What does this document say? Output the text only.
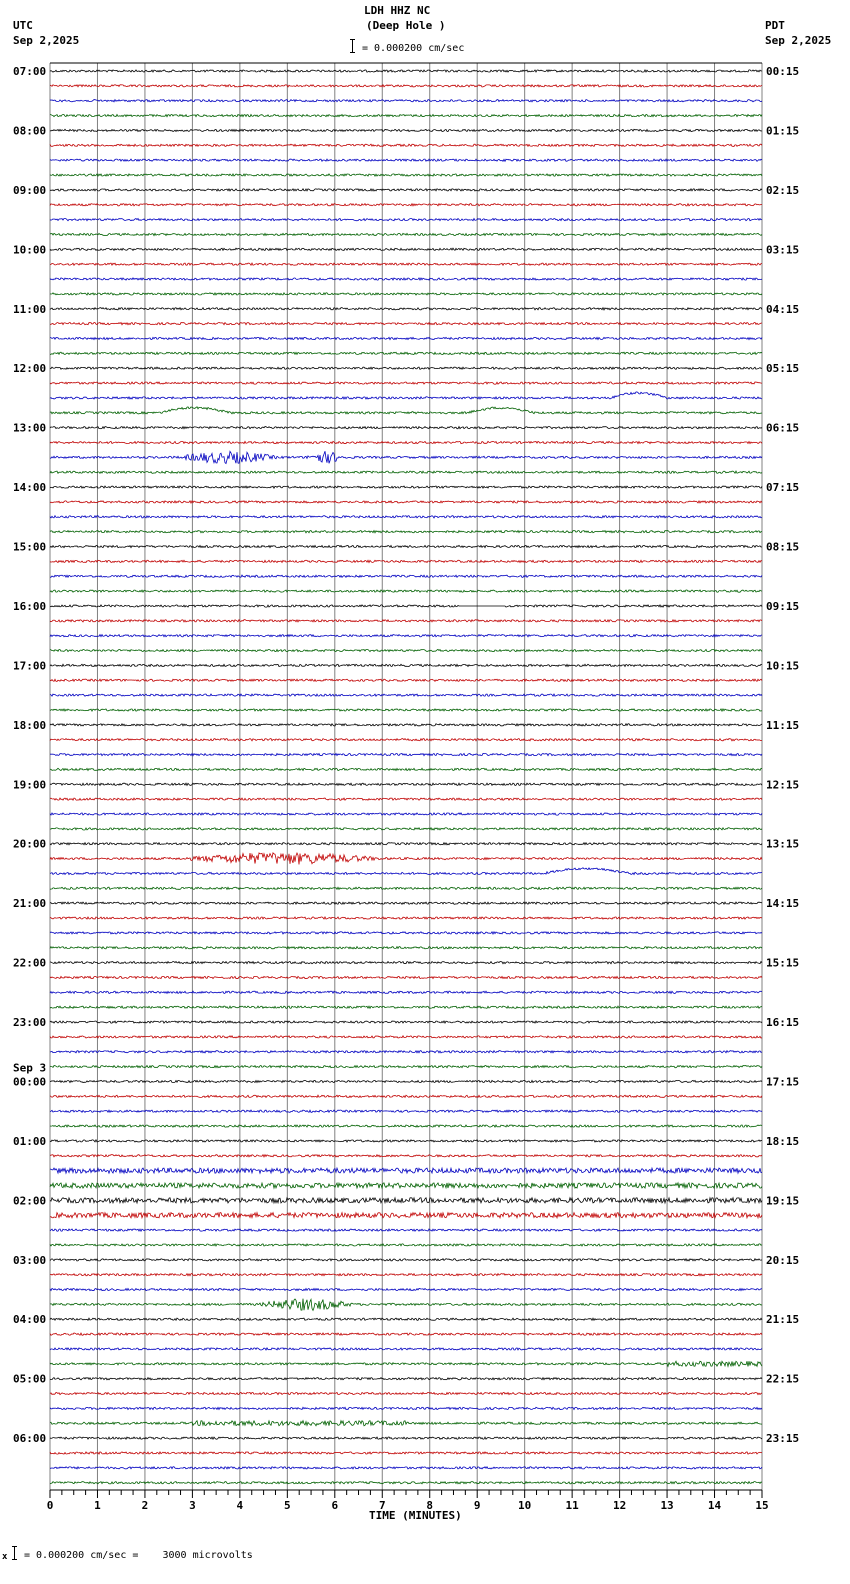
LDH HHZ NC
(Deep Hole )
= 0.000200 cm/sec
UTC
Sep 2,2025
PDT
Sep 2,2025
07:00
08:00
09:00
10:00
11:00
12:00
13:00
14:00
15:00
16:00
17:00
18:00
19:00
20:00
21:00
22:00
23:00
00:00
Sep 3
01:00
02:00
03:00
04:00
05:00
06:00
00:15
01:15
02:15
03:15
04:15
05:15
06:15
07:15
08:15
09:15
10:15
11:15
12:15
13:15
14:15
15:15
16:15
17:15
18:15
19:15
20:15
21:15
22:15
23:15
0	1	2	3	4	5	6	7	8	9	10	11	12	13	14	15
TIME (MINUTES)
x = 0.000200 cm/sec =    3000 microvolts
